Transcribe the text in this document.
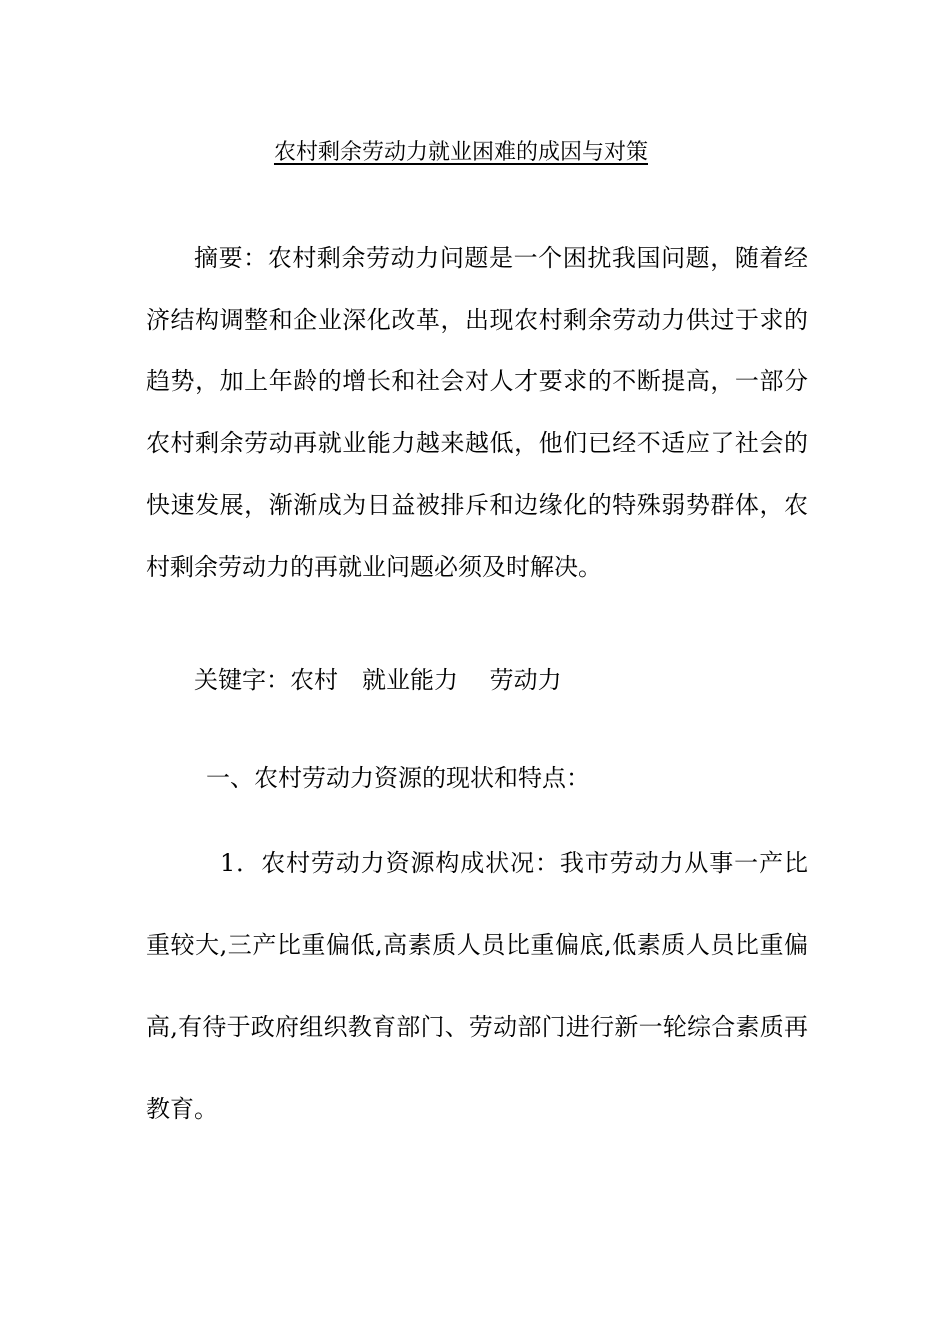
农村剩余劳动力就业困难的成因与对策

摘要：农村剩余劳动力问题是一个困扰我国问题，随着经济结构调整和企业深化改革，出现农村剩余劳动力供过于求的趋势，加上年龄的增长和社会对人才要求的不断提高，一部分农村剩余劳动再就业能力越来越低，他们已经不适应了社会的快速发展，渐渐成为日益被排斥和边缘化的特殊弱势群体，农村剩余劳动力的再就业问题必须及时解决。

关键字：农村　就业能力　 劳动力

一、农村劳动力资源的现状和特点：

1．农村劳动力资源构成状况：我市劳动力从事一产比重较大,三产比重偏低,高素质人员比重偏底,低素质人员比重偏高,有待于政府组织教育部门、劳动部门进行新一轮综合素质再教育。
